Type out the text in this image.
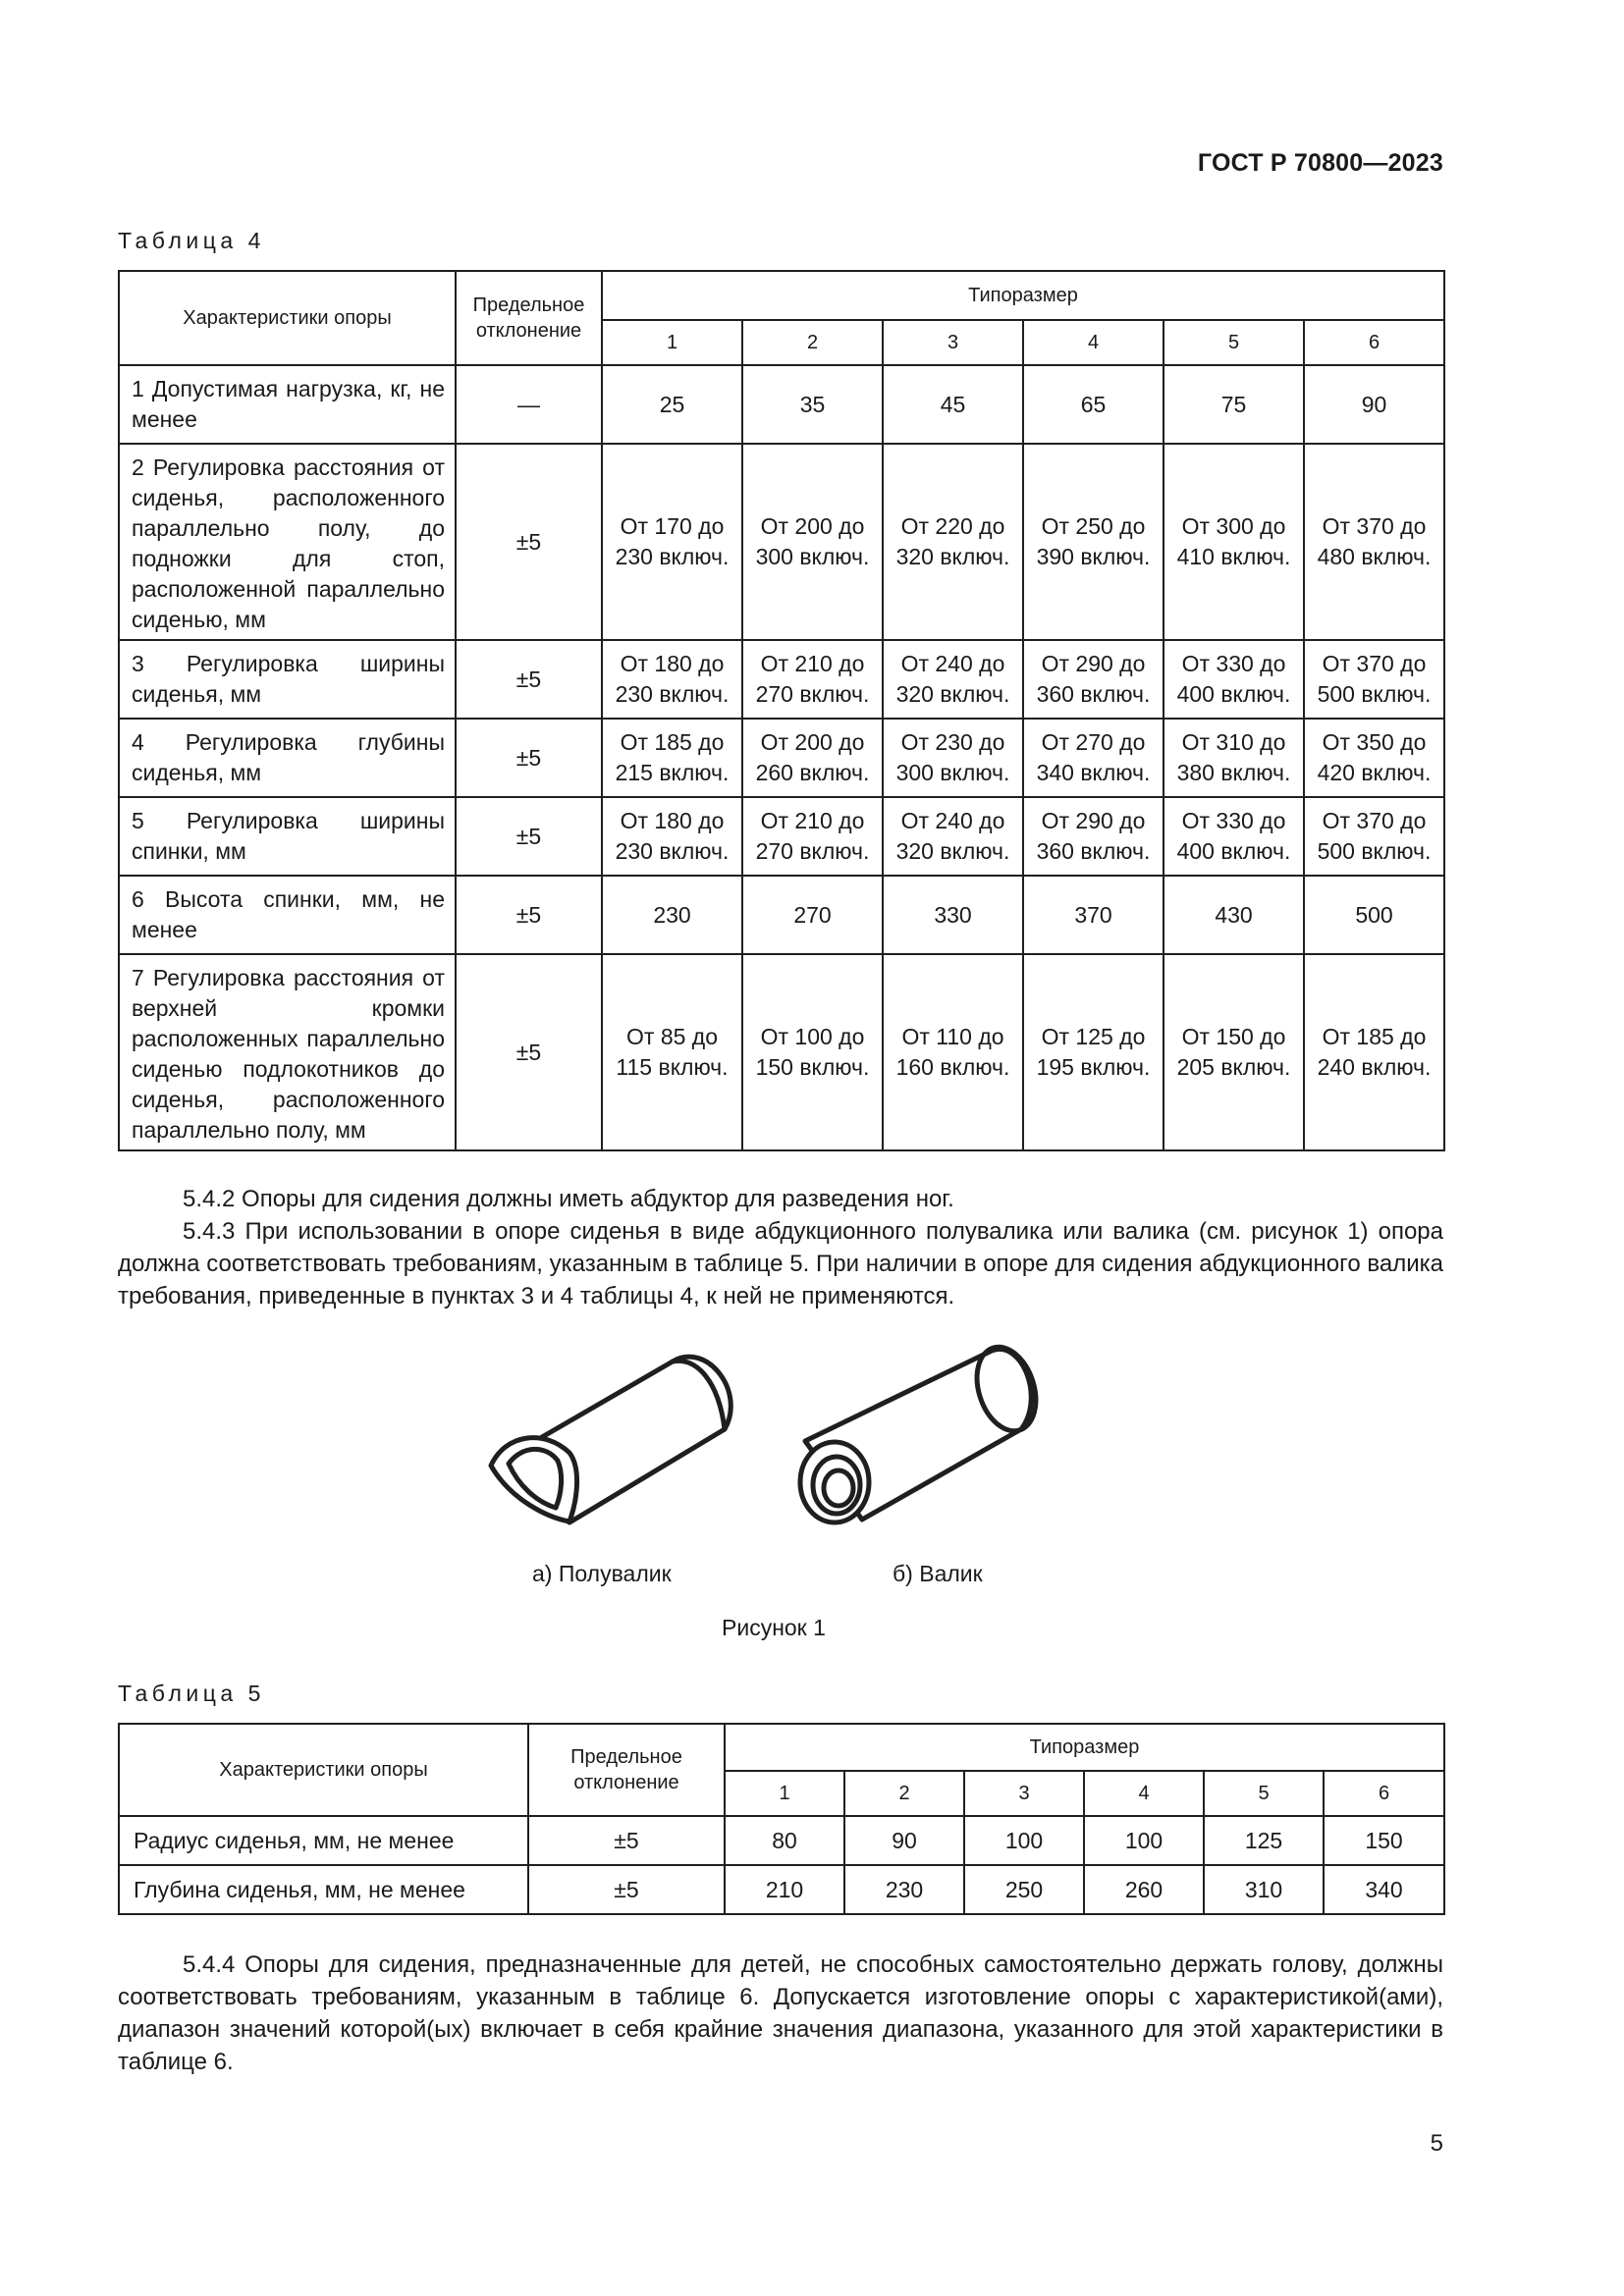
ГОСТ Р 70800—2023
Таблица 4
Характеристики опоры	Предельное отклонение	Типоразмер					
		1	2	3	4	5	6
1 Допустимая нагрузка, кг, не менее	—	25	35	45	65	75	90
2 Регулировка расстояния от сиденья, расположенного параллельно полу, до подножки для стоп, расположенной параллельно сиденью, мм	±5	От 170 до 230 включ.	От 200 до 300 включ.	От 220 до 320 включ.	От 250 до 390 включ.	От 300 до 410 включ.	От 370 до 480 включ.
3 Регулировка ширины сиденья, мм	±5	От 180 до 230 включ.	От 210 до 270 включ.	От 240 до 320 включ.	От 290 до 360 включ.	От 330 до 400 включ.	От 370 до 500 включ.
4 Регулировка глубины сиденья, мм	±5	От 185 до 215 включ.	От 200 до 260 включ.	От 230 до 300 включ.	От 270 до 340 включ.	От 310 до 380 включ.	От 350 до 420 включ.
5 Регулировка ширины спинки, мм	±5	От 180 до 230 включ.	От 210 до 270 включ.	От 240 до 320 включ.	От 290 до 360 включ.	От 330 до 400 включ.	От 370 до 500 включ.
6 Высота спинки, мм, не менее	±5	230	270	330	370	430	500
7 Регулировка расстояния от верхней кромки расположенных параллельно сиденью подлокотников до сиденья, расположенного параллельно полу, мм	±5	От 85 до 115 включ.	От 100 до 150 включ.	От 110 до 160 включ.	От 125 до 195 включ.	От 150 до 205 включ.	От 185 до 240 включ.
5.4.2 Опоры для сидения должны иметь абдуктор для разведения ног.
5.4.3 При использовании в опоре сиденья в виде абдукционного полувалика или валика (см. рисунок 1) опора должна соответствовать требованиям, указанным в таблице 5. При наличии в опоре для сидения абдукционного валика требования, приведенные в пунктах 3 и 4 таблицы 4, к ней не применяются.
а) Полувалик	б) Валик
Рисунок 1
Таблица 5
Характеристики опоры	Предельное отклонение	Типоразмер					
		1	2	3	4	5	6
Радиус сиденья, мм, не менее	±5	80	90	100	100	125	150
Глубина сиденья, мм, не менее	±5	210	230	250	260	310	340
5.4.4 Опоры для сидения, предназначенные для детей, не способных самостоятельно держать голову, должны соответствовать требованиям, указанным в таблице 6. Допускается изготовление опоры с характеристикой(ами), диапазон значений которой(ых) включает в себя крайние значения диапазона, указанного для этой характеристики в таблице 6.
5
